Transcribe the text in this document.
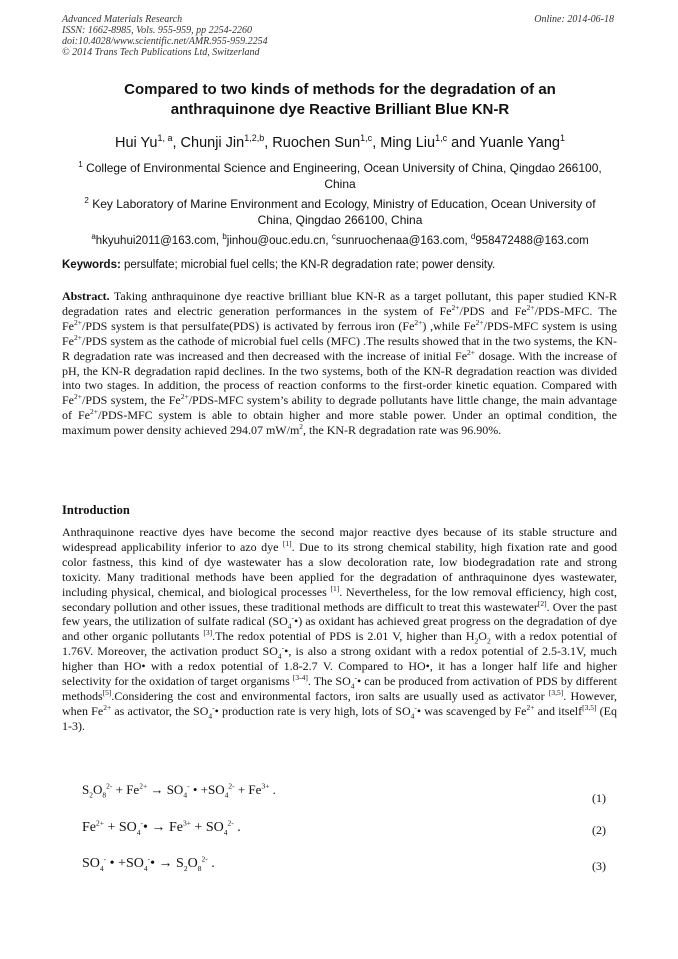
Advanced Materials Research
ISSN: 1662-8985, Vols. 955-959, pp 2254-2260
doi:10.4028/www.scientific.net/AMR.955-959.2254
© 2014 Trans Tech Publications Ltd, Switzerland
Online: 2014-06-18
Compared to two kinds of methods for the degradation of an
anthraquinone dye Reactive Brilliant Blue KN-R
Hui Yu$^{1, a}$, Chunji Jin$^{1,2,b}$, Ruochen Sun$^{1,c}$, Ming Liu$^{1,c}$ and Yuanle Yang$^1$
$^1$ College of Environmental Science and Engineering, Ocean University of China, Qingdao 266100,
China
$^2$ Key Laboratory of Marine Environment and Ecology, Ministry of Education, Ocean University of
China, Qingdao 266100, China
$^a$hkyuhui2011@163.com, $^b$jinhou@ouc.edu.cn, $^c$sunruochenaa@163.com, $^d$958472488@163.com
Keywords: persulfate; microbial fuel cells; the KN-R degradation rate; power density.
Abstract. Taking anthraquinone dye reactive brilliant blue KN-R as a target pollutant, this paper studied KN-R degradation rates and electric generation performances in the system of $Fe^{2+}$/PDS and $Fe^{2+}/PDS$-MFC. The $Fe^{2+}$/PDS system is that persulfate(PDS) is activated by ferrous iron $(Fe^{2+})$ ,while $Fe^{2+}/PDS$-MFC system is using $Fe^{2+}$/PDS system as the cathode of microbial fuel cells (MFC) .The results showed that in the two systems, the KN-R degradation rate was increased and then decreased with the increase of initial $Fe^{2+}$ dosage. With the increase of pH, the KN-R degradation rapid declines. In the two systems, both of the KN-R degradation reaction was divided into two stages. In addition, the process of reaction conforms to the first-order kinetic equation. Compared with $Fe^{2+}$/PDS system, the $Fe^{2+}/PDS$-MFC system’s ability to degrade pollutants have little change, the main advantage of $Fe^{2+}/PDS$-MFC system is able to obtain higher and more stable power. Under an optimal condition, the maximum power density achieved 294.07 $mW/m^2$, the KN-R degradation rate was 96.90%.
Introduction
Anthraquinone reactive dyes have become the second major reactive dyes because of its stable structure and widespread applicability inferior to azo dye [1]. Due to its strong chemical stability, high fixation rate and good color fastness, this kind of dye wastewater has a slow decoloration rate, low biodegradation rate and strong toxicity. Many traditional methods have been applied for the degradation of anthraquinone dyes wastewater, including physical, chemical, and biological processes [1]. Nevertheless, for the low removal efficiency, high cost, secondary pollution and other issues, these traditional methods are difficult to treat this wastewater[2]. Over the past few years, the utilization of sulfate radical $(SO_4^-•)$ as oxidant has achieved great progress on the degradation of dye and other organic pollutants [3].The redox potential of PDS is 2.01 V, higher than $H_2O_2$ with a redox potential of 1.76V. Moreover, the activation product $SO_4^-•$, is also a strong oxidant with a redox potential of 2.5-3.1V, much higher than HO• with a redox potential of 1.8-2.7 V. Compared to HO•, it has a longer half life and higher selectivity for the oxidation of target organisms [3-4]. The $SO_4^-•$ can be produced from activation of PDS by different methods[5].Considering the cost and environmental factors, iron salts are usually used as activator [3,5]. However, when $Fe^{2+}$ as activator, the $SO_4^-•$ production rate is very high, lots of $SO_4^-•$ was scavenged by $Fe^{2+}$ and itself[3,5] (Eq 1-3).
$S_2O_8^{2-} + Fe^{2+} \to SO_4^-$ • $+SO_4^{2-} + Fe^{3+}$ .
(1)
$Fe^{2+}$ + $SO_4^-• \to Fe^{3+} + SO_4^{2-}$ .	(2)
$SO_4^-$ • $+SO_4^-• \to S_2O_8^{2-}$ .	(3)
